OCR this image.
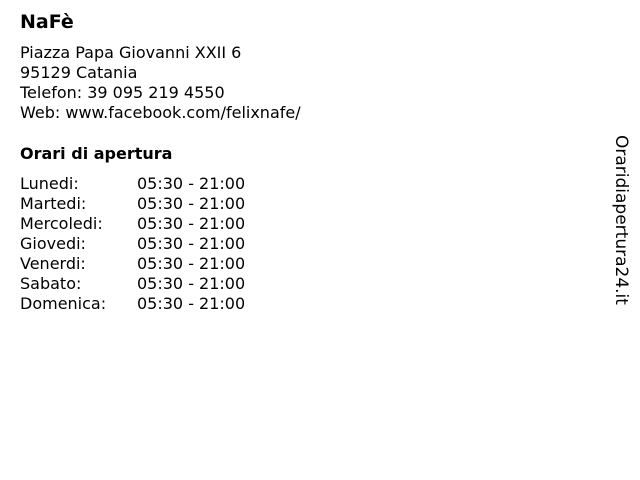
NaFè
Piazza Papa Giovanni XXII 6
95129 Catania
Telefon: 39 095 219 4550
Web: www.facebook.com/felixnafe/
Orari di apertura
Lunedi:	05:30 - 21:00
Martedi:	05:30 - 21:00
Mercoledi: 05:30 - 21:00
Giovedi:	05:30 - 21:00
Venerdi:	05:30 - 21:00
Sabato:	05:30 - 21:00
Domenica: 05:30 - 21:00	Oraridiapertura24.it
